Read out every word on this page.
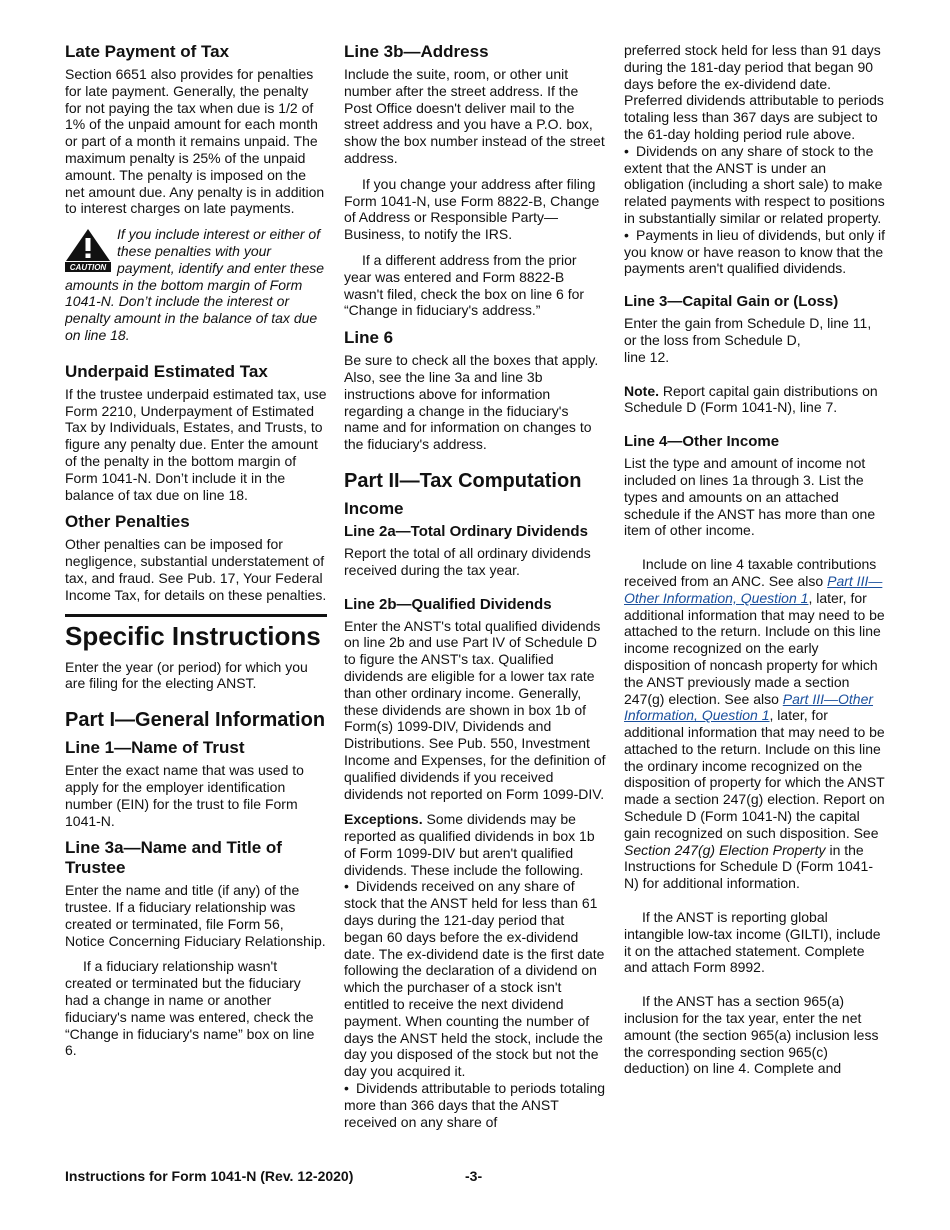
Late Payment of Tax

Section 6651 also provides for penalties for late payment. Generally, the penalty for not paying the tax when due is 1/2 of 1% of the unpaid amount for each month or part of a month it remains unpaid. The maximum penalty is 25% of the unpaid amount. The penalty is imposed on the net amount due. Any penalty is in addition to interest charges on late payments.

CAUTION
If you include interest or either of these penalties with your payment, identify and enter these amounts in the bottom margin of Form 1041-N. Don’t include the interest or penalty amount in the balance of tax due on line 18.
Underpaid Estimated Tax

If the trustee underpaid estimated tax, use Form 2210, Underpayment of Estimated Tax by Individuals, Estates, and Trusts, to figure any penalty due. Enter the amount of the penalty in the bottom margin of Form 1041-N. Don’t include it in the balance of tax due on line 18.

Other Penalties

Other penalties can be imposed for negligence, substantial understatement of tax, and fraud. See Pub. 17, Your Federal Income Tax, for details on these penalties.

Specific Instructions

Enter the year (or period) for which you are filing for the electing ANST.

Part I—General Information
Line 1—Name of Trust

Enter the exact name that was used to apply for the employer identification number (EIN) for the trust to file Form 1041-N.

Line 3a—Name and Title of Trustee

Enter the name and title (if any) of the trustee. If a fiduciary relationship was created or terminated, file Form 56, Notice Concerning Fiduciary Relationship.

If a fiduciary relationship wasn't created or terminated but the fiduciary had a change in name or another fiduciary's name was entered, check the “Change in fiduciary's name” box on line 6.

Line 3b—Address

Include the suite, room, or other unit number after the street address. If the Post Office doesn't deliver mail to the street address and you have a P.O. box, show the box number instead of the street address.

If you change your address after filing Form 1041-N, use Form 8822-B, Change of Address or Responsible Party—Business, to notify the IRS.

If a different address from the prior year was entered and Form 8822-B wasn't filed, check the box on line 6 for “Change in fiduciary's address.”

Line 6

Be sure to check all the boxes that apply. Also, see the line 3a and line 3b instructions above for information regarding a change in the fiduciary's name and for information on changes to the fiduciary's address.

Part II—Tax Computation
Income
Line 2a—Total Ordinary Dividends

Report the total of all ordinary dividends received during the tax year.

Line 2b—Qualified Dividends

Enter the ANST's total qualified dividends on line 2b and use Part IV of Schedule D to figure the ANST's tax. Qualified dividends are eligible for a lower tax rate than other ordinary income. Generally, these dividends are shown in box 1b of Form(s) 1099-DIV, Dividends and Distributions. See Pub. 550, Investment Income and Expenses, for the definition of qualified dividends if you received dividends not reported on Form 1099-DIV.

Exceptions. Some dividends may be reported as qualified dividends in box 1b of Form 1099-DIV but aren't qualified dividends. These include the following.

• Dividends received on any share of stock that the ANST held for less than 61 days during the 121-day period that began 60 days before the ex-dividend date. The ex-dividend date is the first date following the declaration of a dividend on which the purchaser of a stock isn't entitled to receive the next dividend payment. When counting the number of days the ANST held the stock, include the day you disposed of the stock but not the day you acquired it.

• Dividends attributable to periods totaling more than 366 days that the ANST received on any share of

preferred stock held for less than 91 days during the 181-day period that began 90 days before the ex-dividend date. Preferred dividends attributable to periods totaling less than 367 days are subject to the 61-day holding period rule above.

• Dividends on any share of stock to the extent that the ANST is under an obligation (including a short sale) to make related payments with respect to positions in substantially similar or related property.

• Payments in lieu of dividends, but only if you know or have reason to know that the payments aren't qualified dividends.

Line 3—Capital Gain or (Loss)

Enter the gain from Schedule D, line 11, or the loss from Schedule D,

line 12.

Note. Report capital gain distributions on Schedule D (Form 1041-N), line 7.

Line 4—Other Income

List the type and amount of income not included on lines 1a through 3. List the types and amounts on an attached schedule if the ANST has more than one item of other income.

Include on line 4 taxable contributions received from an ANC. See also Part III—Other Information, Question 1, later, for additional information that may need to be attached to the return. Include on this line income recognized on the early disposition of noncash property for which the ANST previously made a section 247(g) election. See also Part III—Other Information, Question 1, later, for additional information that may need to be attached to the return. Include on this line the ordinary income recognized on the disposition of property for which the ANST made a section 247(g) election. Report on Schedule D (Form 1041-N) the capital gain recognized on such disposition. See Section 247(g) Election Property in the Instructions for Schedule D (Form 1041-N) for additional information.

If the ANST is reporting global intangible low-tax income (GILTI), include it on the attached statement. Complete and attach Form 8992.

If the ANST has a section 965(a) inclusion for the tax year, enter the net amount (the section 965(a) inclusion less the corresponding section 965(c) deduction) on line 4. Complete and

Instructions for Form 1041-N (Rev. 12-2020)	-3-
